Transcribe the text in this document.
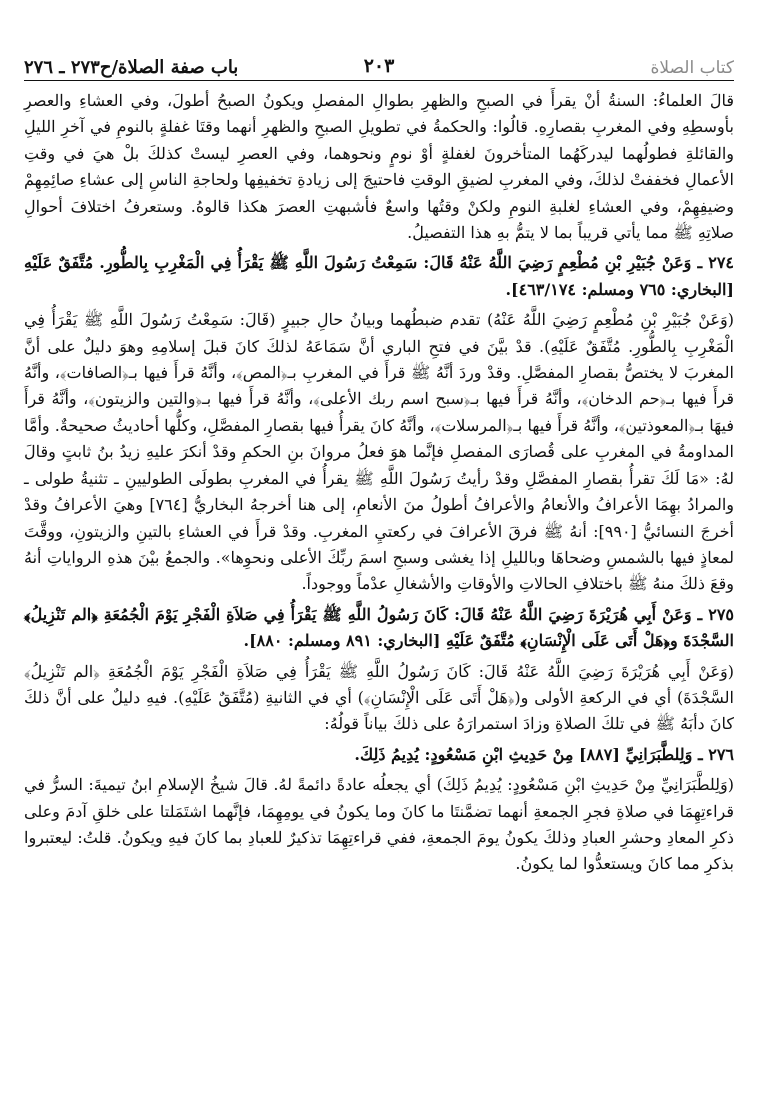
باب صفة الصلاة/ح٢٧٣ ـ ٢٧٦	٢٠٣	كتاب الصلاة

قالَ العلماءُ: السنةُ أنْ يقرأَ في الصبحِ والظهرِ بطوالِ المفصلِ ويكونُ الصبحُ أطولَ، وفي العشاءِ والعصرِ بأوسطِهِ وفي المغربِ بقصارِهِ. قالُوا: والحكمةُ في تطويلِ الصبحِ والظهرِ أنهما وقتَا غفلةٍ بالنومِ في آخرِ الليلِ والقائلةِ فطولُهما ليدركَهُما المتأخرونَ لغفلةٍ أوْ نومٍ ونحوهما، وفي العصرِ ليستْ كذلكَ بلْ هيَ في وقتِ الأعمالِ فخففتْ لذلكَ، وفي المغربِ لضيقِ الوقتِ فاحتيجَ إلى زيادةِ تخفيفِها ولحاجةِ الناسِ إلى عشاءِ صائِمِهِمْ وضيفِهِمْ، وفي العشاءِ لغلبةِ النومِ ولكنْ وقتُها واسعٌ فأشبهتِ العصرَ هكذا قالوهُ. وستعرفُ اختلافَ أحوالِ صلاتِهِ ﷺ مما يأتي قريباً بما لا يتمُّ بهِ هذا التفصيلُ.

٢٧٤ ـ وَعَنْ جُبَيْرِ بْنِ مُطْعِمٍ رَضِيَ اللَّهُ عَنْهُ قَالَ: سَمِعْتُ رَسُولَ اللَّهِ ﷺ يَقْرَأُ فِي الْمَغْرِبِ بِالطُّورِ. مُتَّفَقٌ عَلَيْهِ [البخاري: ٧٦٥ ومسلم: ٤٦٣/١٧٤].

(وَعَنْ جُبَيْرِ بْنِ مُطْعِمٍ رَضِيَ اللَّهُ عَنْهُ) تقدم ضبطُهما وبيانُ حالِ جبيرٍ (قَالَ: سَمِعْتُ رَسُولَ اللَّهِ ﷺ يَقْرَأُ فِي الْمَغْرِبِ بِالطُّورِ. مُتَّفَقٌ عَلَيْهِ). قدْ بيَّنَ في فتحِ الباري أنَّ سَمَاعَهُ لذلكَ كانَ قبلَ إسلامِهِ وهوَ دليلٌ على أنَّ المغربَ لا يختصُّ بقصارِ المفصَّلِ. وقدْ وردَ أنَّهُ ﷺ قرأَ في المغربِ بـ﴿المص﴾، وأنَّهُ قرأَ فيها بـ﴿الصافات﴾، وأنَّهُ قرأَ فيها بـ﴿حم الدخان﴾، وأنَّهُ قرأَ فيها بـ﴿سبح اسم ربك الأعلى﴾، وأنَّهُ قرأَ فيها بـ﴿والتين والزيتون﴾، وأنَّهُ قرأَ فيهَا بـ﴿المعوذتين﴾، وأنَّهُ قرأَ فيها بـ﴿المرسلات﴾، وأنَّهُ كانَ يقرأُ فيها بقصارِ المفصَّلِ، وكلُّها أحاديثُ صحيحةٌ. وأمَّا المداومةُ في المغربِ على قُصارَى المفصلِ فإنَّما هوَ فعلُ مروانَ بنِ الحكمِ وقدْ أنكرَ عليهِ زيدُ بنُ ثابتٍ وقالَ لهُ: «مَا لَكَ تقرأُ بقصارِ المفصَّلِ وقدْ رأيتُ رَسُولَ اللَّهِ ﷺ يقرأُ في المغربِ بطولَى الطوليينِ ـ تثنيةُ طولى ـ والمرادُ بهِمَا الأعرافُ والأنعامُ والأعرافُ أطولُ منَ الأنعامِ، إلى هنا أخرجهُ البخاريُّ [٧٦٤] وهيَ الأعرافُ وقدْ أخرجَ النسائيُّ [٩٩٠]: أنهُ ﷺ فرقَ الأعرافَ في ركعتيِ المغربِ. وقدْ قرأَ في العشاءِ بالتينِ والزيتونِ، ووقَّتَ لمعاذٍ فيها بالشمسِ وضحاهَا وبالليلِ إذا يغشى وسبحِ اسمَ ربِّكَ الأعلى ونحوِها». والجمعُ بيْنَ هذهِ الرواياتِ أنهُ وقعَ ذلكَ منهُ ﷺ باختلافِ الحالاتِ والأوقاتِ والأشغالِ عدْماً ووجوداً.

٢٧٥ ـ وَعَنْ أَبِي هُرَيْرَةَ رَضِيَ اللَّهُ عَنْهُ قَالَ: كَانَ رَسُولُ اللَّهِ ﷺ يَقْرَأُ فِي صَلاَةِ الْفَجْرِ يَوْمَ الْجُمُعَةِ ﴿الم تَنْزِيلُ﴾ السَّجْدَةَ و﴿هَلْ أَتَى عَلَى الْإِنْسَانِ﴾ مُتَّفَقٌ عَلَيْهِ [البخاري: ٨٩١ ومسلم: ٨٨٠].

(وَعَنْ أَبِي هُرَيْرَةَ رَضِيَ اللَّهُ عَنْهُ قَالَ: كَانَ رَسُولُ اللَّهِ ﷺ يَقْرَأُ فِي صَلاَةِ الْفَجْرِ يَوْمَ الْجُمُعَةِ ﴿الم تَنْزِيلُ﴾ السَّجْدَةَ) أي في الركعةِ الأولى و(﴿هَلْ أَتَى عَلَى الْإِنْسَانِ﴾) أي في الثانيةِ (مُتَّفَقٌ عَلَيْهِ). فيهِ دليلٌ على أنَّ ذلكَ كانَ دأبَهُ ﷺ في تلكَ الصلاةِ وزادَ استمرارَهُ على ذلكَ بياناً قولُهُ:

٢٧٦ ـ وَلِلطَّبَرَانِيِّ [٨٨٧] مِنْ حَدِيثِ ابْنِ مَسْعُودٍ: يُدِيمُ ذَلِكَ.

(وَلِلطَّبَرَانِيِّ مِنْ حَدِيثِ ابْنِ مَسْعُودٍ: يُدِيمُ ذَلِكَ) أي يجعلُه عادةً دائمةً لهُ. قالَ شيخُ الإسلامِ ابنُ تيميةَ: السرُّ في قراءتِهِمَا في صلاةِ فجرِ الجمعةِ أنهما تضمَّنتَا ما كانَ وما يكونُ في يومِهِمَا، فإنَّهما اشتَمَلتا على خلقِ آدمَ وعلى ذكرِ المعادِ وحشرِ العبادِ وذلكَ يكونُ يومَ الجمعةِ، ففي قراءتِهِمَا تذكيرٌ للعبادِ بما كانَ فيهِ ويكونُ. قلتُ: ليعتبروا بذكرِ مما كانَ ويستعدُّوا لما يكونُ.
